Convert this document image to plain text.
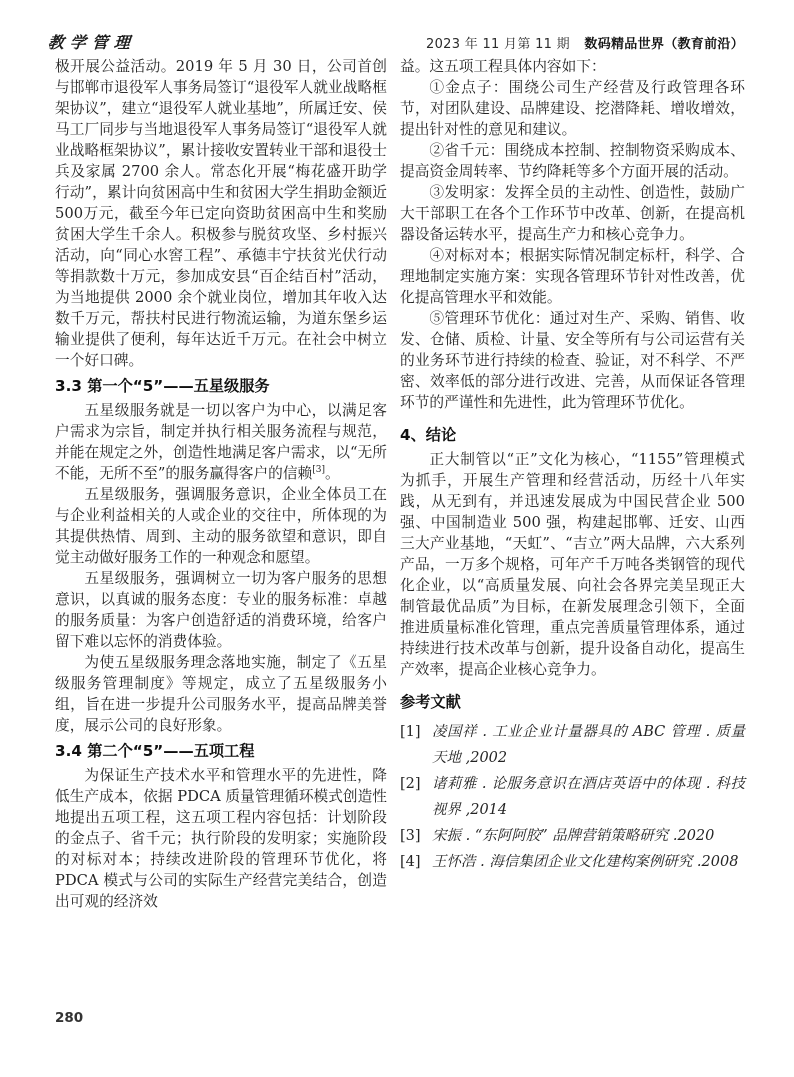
教学管理	2023 年 11 月第 11 期 数码精品世界（教育前沿）

极开展公益活动。2019 年 5 月 30 日，公司首创与邯郸市退役军人事务局签订“退役军人就业战略框架协议”，建立“退役军人就业基地”，所属迁安、侯马工厂同步与当地退役军人事务局签订“退役军人就业战略框架协议”，累计接收安置转业干部和退役士兵及家属 2700 余人。常态化开展“梅花盛开助学行动”，累计向贫困高中生和贫困大学生捐助金额近500万元，截至今年已定向资助贫困高中生和奖励贫困大学生千余人。积极参与脱贫攻坚、乡村振兴活动，向“同心水窖工程”、承德丰宁扶贫光伏行动等捐款数十万元，参加成安县“百企结百村”活动，为当地提供 2000 余个就业岗位，增加其年收入达数千万元，帮扶村民进行物流运输，为道东堡乡运输业提供了便利，每年达近千万元。在社会中树立一个好口碑。

3.3 第一个“5”——五星级服务

五星级服务就是一切以客户为中心，以满足客户需求为宗旨，制定并执行相关服务流程与规范，并能在规定之外，创造性地满足客户需求，以“无所不能，无所不至”的服务赢得客户的信赖[3]。

五星级服务，强调服务意识，企业全体员工在与企业利益相关的人或企业的交往中，所体现的为其提供热情、周到、主动的服务欲望和意识，即自觉主动做好服务工作的一种观念和愿望。

五星级服务，强调树立一切为客户服务的思想意识，以真诚的服务态度：专业的服务标准：卓越的服务质量：为客户创造舒适的消费环境，给客户留下难以忘怀的消费体验。

为使五星级服务理念落地实施，制定了《五星级服务管理制度》等规定，成立了五星级服务小组，旨在进一步提升公司服务水平，提高品牌美誉度，展示公司的良好形象。

3.4 第二个“5”——五项工程

为保证生产技术水平和管理水平的先进性，降低生产成本，依据 PDCA 质量管理循环模式创造性地提出五项工程，这五项工程内容包括：计划阶段的金点子、省千元；执行阶段的发明家；实施阶段的对标对本；持续改进阶段的管理环节优化，将 PDCA 模式与公司的实际生产经营完美结合，创造出可观的经济效

益。这五项工程具体内容如下：

①金点子：围绕公司生产经营及行政管理各环节，对团队建设、品牌建设、挖潜降耗、增收增效，提出针对性的意见和建议。

②省千元：围绕成本控制、控制物资采购成本、提高资金周转率、节约降耗等多个方面开展的活动。

③发明家：发挥全员的主动性、创造性，鼓励广大干部职工在各个工作环节中改革、创新，在提高机器设备运转水平，提高生产力和核心竞争力。

④对标对本；根据实际情况制定标杆，科学、合理地制定实施方案：实现各管理环节针对性改善，优化提高管理水平和效能。

⑤管理环节优化：通过对生产、采购、销售、收发、仓储、质检、计量、安全等所有与公司运营有关的业务环节进行持续的检查、验证，对不科学、不严密、效率低的部分进行改进、完善，从而保证各管理环节的严谨性和先进性，此为管理环节优化。

4、结论

正大制管以“正”文化为核心，“1155”管理模式为抓手，开展生产管理和经营活动，历经十八年实践，从无到有，并迅速发展成为中国民营企业 500 强、中国制造业 500 强，构建起邯郸、迁安、山西三大产业基地，“天虹”、“吉立”两大品牌，六大系列产品，一万多个规格，可年产千万吨各类钢管的现代化企业，以“高质量发展、向社会各界完美呈现正大制管最优品质”为目标，在新发展理念引领下，全面推进质量标准化管理，重点完善质量管理体系，通过持续进行技术改革与创新，提升设备自动化，提高生产效率，提高企业核心竞争力。

参考文献
[1] 凌国祥 . 工业企业计量器具的 ABC 管理 . 质量天地 ,2002
[2] 诸莉雅 . 论服务意识在酒店英语中的体现 . 科技视界 ,2014
[3] 宋振 . “东阿阿胶” 品牌营销策略研究 .2020
[4] 王怀浩 . 海信集团企业文化建构案例研究 .2008
280
